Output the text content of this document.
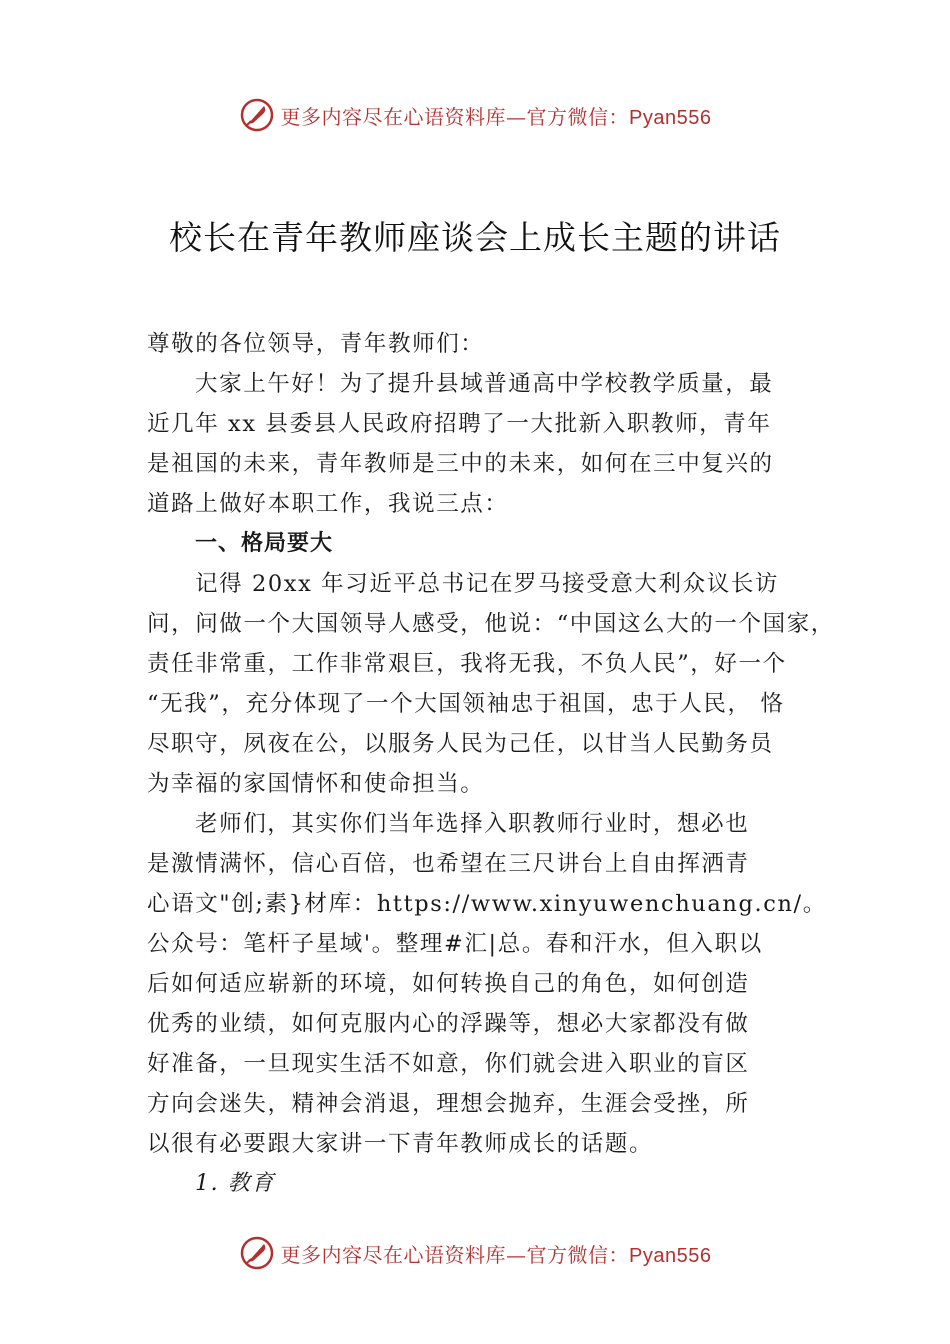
更多内容尽在心语资料库—官方微信：Pyan556
校长在青年教师座谈会上成长主题的讲话
尊敬的各位领导，青年教师们：
大家上午好！为了提升县域普通高中学校教学质量，最
近几年 xx 县委县人民政府招聘了一大批新入职教师，青年
是祖国的未来，青年教师是三中的未来，如何在三中复兴的
道路上做好本职工作，我说三点：
一、格局要大
记得 20xx 年习近平总书记在罗马接受意大利众议长访
问，问做一个大国领导人感受，他说：“中国这么大的一个国家，
责任非常重，工作非常艰巨，我将无我，不负人民”，好一个
“无我”，充分体现了一个大国领袖忠于祖国，忠于人民， 恪
尽职守，夙夜在公，以服务人民为己任，以甘当人民勤务员
为幸福的家国情怀和使命担当。
老师们，其实你们当年选择入职教师行业时，想必也
是激情满怀，信心百倍，也希望在三尺讲台上自由挥洒青
心语文"创;素}材库：https://www.xinyuwenchuang.cn/。
公众号：笔杆子星域'。整理#汇|总。春和汗水，但入职以
后如何适应崭新的环境，如何转换自己的角色，如何创造
优秀的业绩，如何克服内心的浮躁等，想必大家都没有做
好准备，一旦现实生活不如意，你们就会进入职业的盲区
方向会迷失，精神会消退，理想会抛弃，生涯会受挫，所
以很有必要跟大家讲一下青年教师成长的话题。
1. 教育
更多内容尽在心语资料库—官方微信：Pyan556
